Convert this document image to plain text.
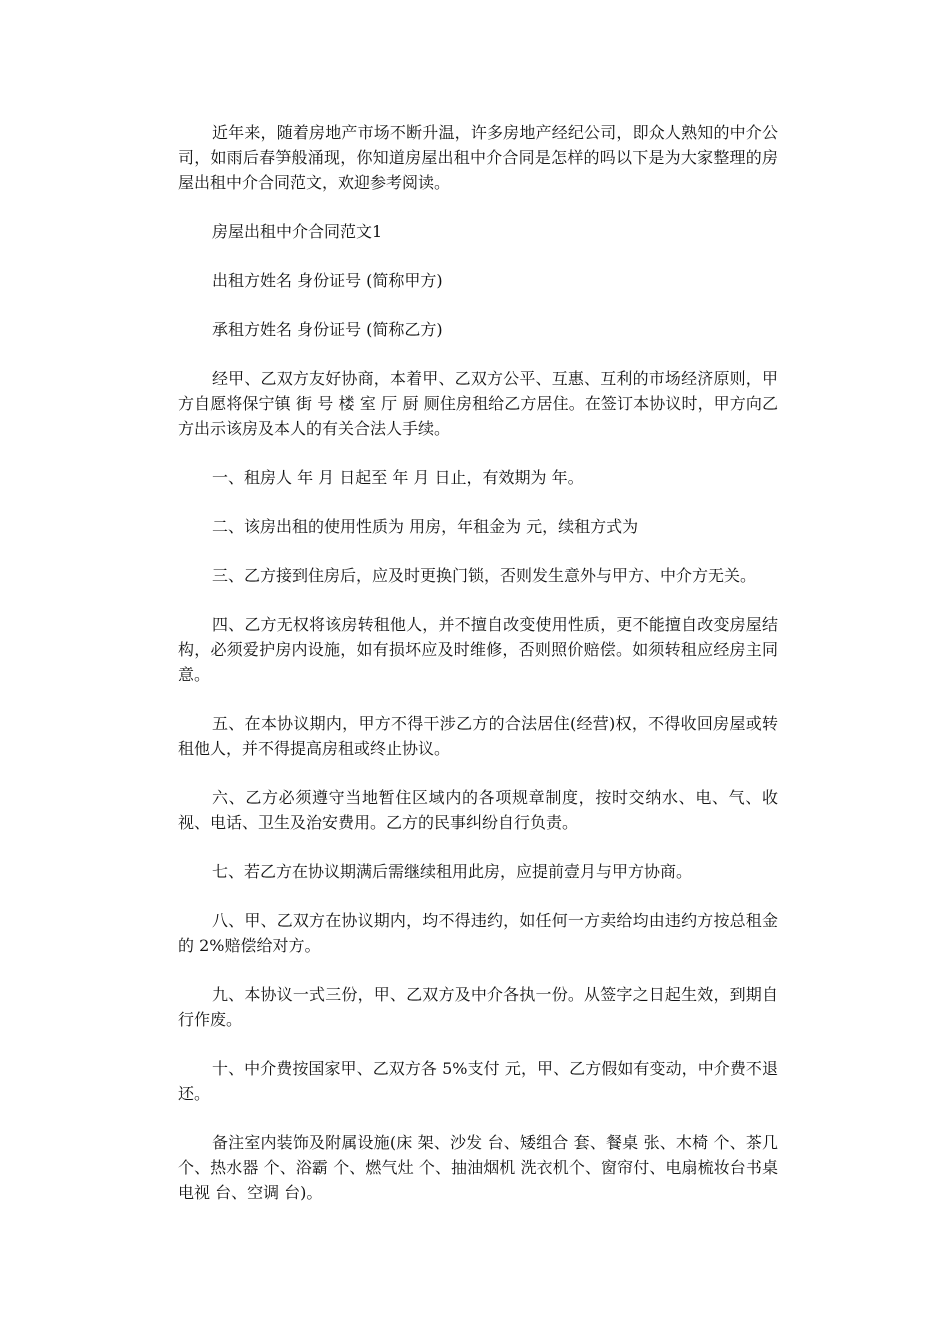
近年来，随着房地产市场不断升温，许多房地产经纪公司，即众人熟知的中介公司，如雨后春笋般涌现，你知道房屋出租中介合同是怎样的吗以下是为大家整理的房屋出租中介合同范文，欢迎参考阅读。

房屋出租中介合同范文1

出租方姓名 身份证号 (简称甲方)

承租方姓名 身份证号 (简称乙方)

经甲、乙双方友好协商，本着甲、乙双方公平、互惠、互利的市场经济原则，甲方自愿将保宁镇 街 号 楼 室 厅 厨 厕住房租给乙方居住。在签订本协议时，甲方向乙方出示该房及本人的有关合法人手续。

一、租房人 年 月 日起至 年 月 日止，有效期为 年。

二、该房出租的使用性质为 用房，年租金为 元，续租方式为

三、乙方接到住房后，应及时更换门锁，否则发生意外与甲方、中介方无关。

四、乙方无权将该房转租他人，并不擅自改变使用性质，更不能擅自改变房屋结构，必须爱护房内设施，如有损坏应及时维修，否则照价赔偿。如须转租应经房主同意。

五、在本协议期内，甲方不得干涉乙方的合法居住(经营)权，不得收回房屋或转租他人，并不得提高房租或终止协议。

六、乙方必须遵守当地暂住区域内的各项规章制度，按时交纳水、电、气、收视、电话、卫生及治安费用。乙方的民事纠纷自行负责。

七、若乙方在协议期满后需继续租用此房，应提前壹月与甲方协商。

八、甲、乙双方在协议期内，均不得违约，如任何一方卖给均由违约方按总租金的 2%赔偿给对方。

九、本协议一式三份，甲、乙双方及中介各执一份。从签字之日起生效，到期自行作废。

十、中介费按国家甲、乙双方各 5%支付 元，甲、乙方假如有变动，中介费不退还。

备注室内装饰及附属设施(床 架、沙发 台、矮组合 套、餐桌 张、木椅 个、茶几 个、热水器 个、浴霸 个、燃气灶 个、抽油烟机 洗衣机个、窗帘付、电扇梳妆台书桌电视 台、空调 台)。
